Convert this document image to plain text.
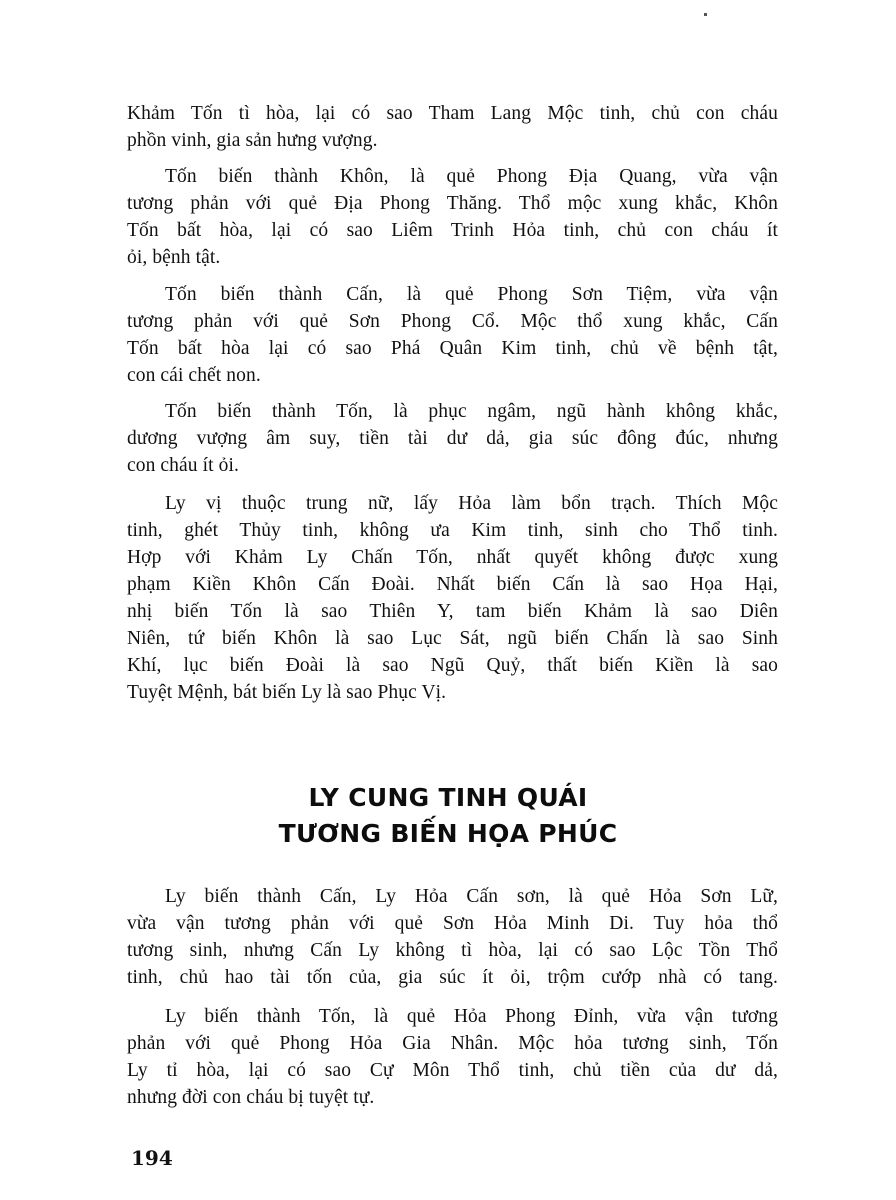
Khảm Tốn tì hòa, lại có sao Tham Lang Mộc tinh, chủ con cháu
phồn vinh, gia sản hưng vượng.
Tốn biến thành Khôn, là quẻ Phong Địa Quang, vừa vận
tương phản với quẻ Địa Phong Thăng. Thổ mộc xung khắc, Khôn
Tốn bất hòa, lại có sao Liêm Trinh Hỏa tinh, chủ con cháu ít
ỏi, bệnh tật.
Tốn biến thành Cấn, là quẻ Phong Sơn Tiệm, vừa vận
tương phản với quẻ Sơn Phong Cổ. Mộc thổ xung khắc, Cấn
Tốn bất hòa lại có sao Phá Quân Kim tinh, chủ về bệnh tật,
con cái chết non.
Tốn biến thành Tốn, là phục ngâm, ngũ hành không khắc,
dương vượng âm suy, tiền tài dư dả, gia súc đông đúc, nhưng
con cháu ít ỏi.
Ly vị thuộc trung nữ, lấy Hỏa làm bổn trạch. Thích Mộc
tinh, ghét Thủy tinh, không ưa Kim tinh, sinh cho Thổ tinh.
Hợp với Khảm Ly Chấn Tốn, nhất quyết không được xung
phạm Kiền Khôn Cấn Đoài. Nhất biến Cấn là sao Họa Hại,
nhị biến Tốn là sao Thiên Y, tam biến Khảm là sao Diên
Niên, tứ biến Khôn là sao Lục Sát, ngũ biến Chấn là sao Sinh
Khí, lục biến Đoài là sao Ngũ Quỷ, thất biến Kiền là sao
Tuyệt Mệnh, bát biến Ly là sao Phục Vị.
LY CUNG TINH QUÁI
TƯƠNG BIẾN HỌA PHÚC
Ly biến thành Cấn, Ly Hỏa Cấn sơn, là quẻ Hỏa Sơn Lữ,
vừa vận tương phản với quẻ Sơn Hỏa Minh Di. Tuy hỏa thổ
tương sinh, nhưng Cấn Ly không tì hòa, lại có sao Lộc Tồn Thổ
tinh, chủ hao tài tốn của, gia súc ít ỏi, trộm cướp nhà có tang.
Ly biến thành Tốn, là quẻ Hỏa Phong Đỉnh, vừa vận tương
phản với quẻ Phong Hỏa Gia Nhân. Mộc hỏa tương sinh, Tốn
Ly tỉ hòa, lại có sao Cự Môn Thổ tinh, chủ tiền của dư dả,
nhưng đời con cháu bị tuyệt tự.
194
